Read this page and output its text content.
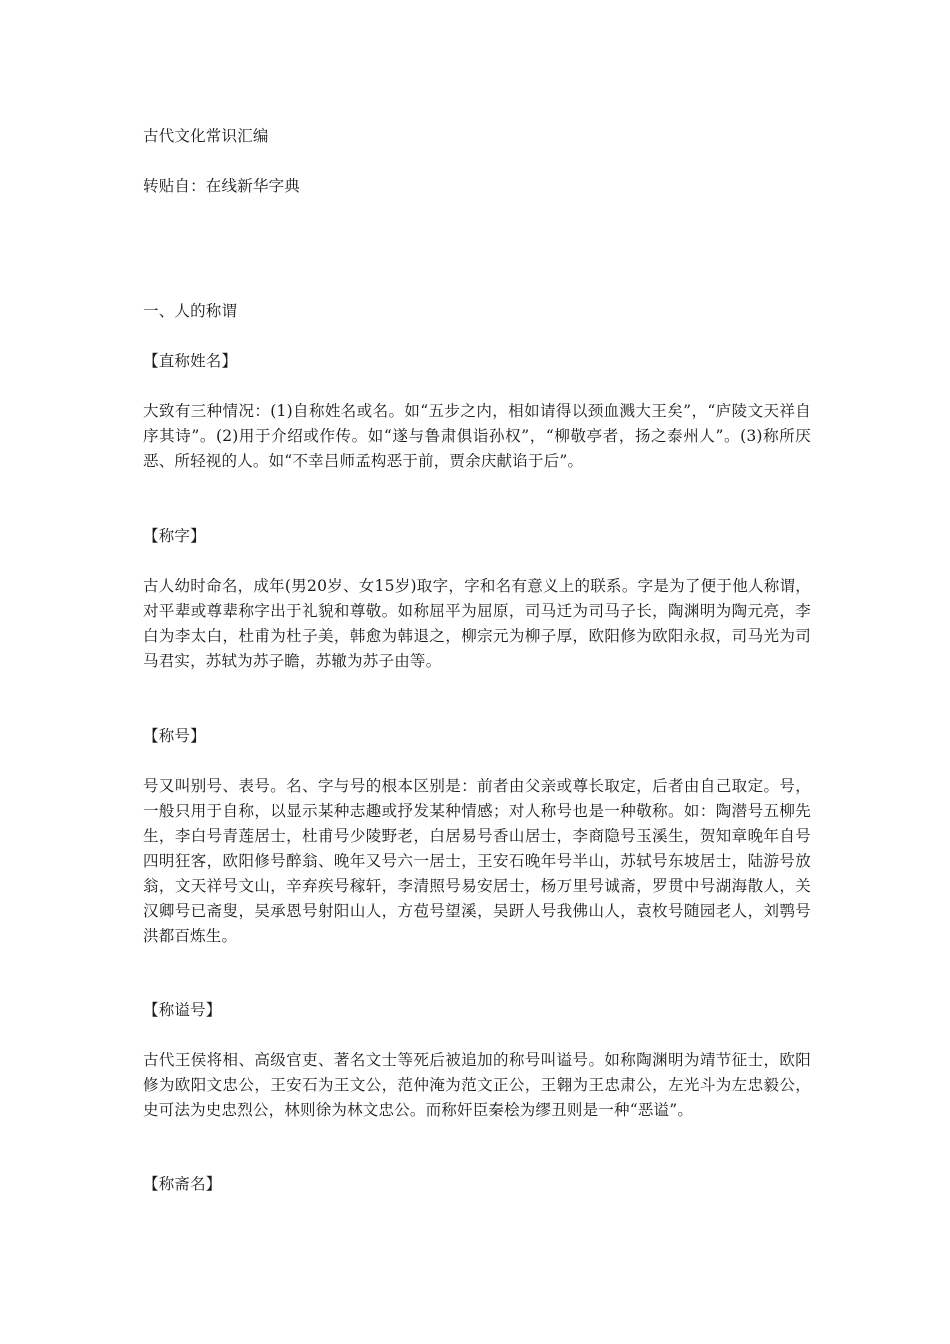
古代文化常识汇编

转贴自：在线新华字典

一、人的称谓

【直称姓名】

大致有三种情况：(1)自称姓名或名。如“五步之内，相如请得以颈血溅大王矣”，“庐陵文天祥自序其诗”。(2)用于介绍或作传。如“遂与鲁肃俱诣孙权”，“柳敬亭者，扬之泰州人”。(3)称所厌恶、所轻视的人。如“不幸吕师孟构恶于前，贾余庆献谄于后”。

【称字】

古人幼时命名，成年(男20岁、女15岁)取字，字和名有意义上的联系。字是为了便于他人称谓，对平辈或尊辈称字出于礼貌和尊敬。如称屈平为屈原，司马迁为司马子长，陶渊明为陶元亮，李白为李太白，杜甫为杜子美，韩愈为韩退之，柳宗元为柳子厚，欧阳修为欧阳永叔，司马光为司马君实，苏轼为苏子瞻，苏辙为苏子由等。

【称号】

号又叫别号、表号。名、字与号的根本区别是：前者由父亲或尊长取定，后者由自己取定。号，一般只用于自称，以显示某种志趣或抒发某种情感；对人称号也是一种敬称。如：陶潜号五柳先生，李白号青莲居士，杜甫号少陵野老，白居易号香山居士，李商隐号玉溪生，贺知章晚年自号四明狂客，欧阳修号醉翁、晚年又号六一居士，王安石晚年号半山，苏轼号东坡居士，陆游号放翁，文天祥号文山，辛弃疾号稼轩，李清照号易安居士，杨万里号诚斋，罗贯中号湖海散人，关汉卿号已斋叟，吴承恩号射阳山人，方苞号望溪，吴趼人号我佛山人，袁枚号随园老人，刘鹗号洪都百炼生。

【称谥号】

古代王侯将相、高级官吏、著名文士等死后被追加的称号叫谥号。如称陶渊明为靖节征士，欧阳修为欧阳文忠公，王安石为王文公，范仲淹为范文正公，王翱为王忠肃公，左光斗为左忠毅公，史可法为史忠烈公，林则徐为林文忠公。而称奸臣秦桧为缪丑则是一种“恶谥”。

【称斋名】
